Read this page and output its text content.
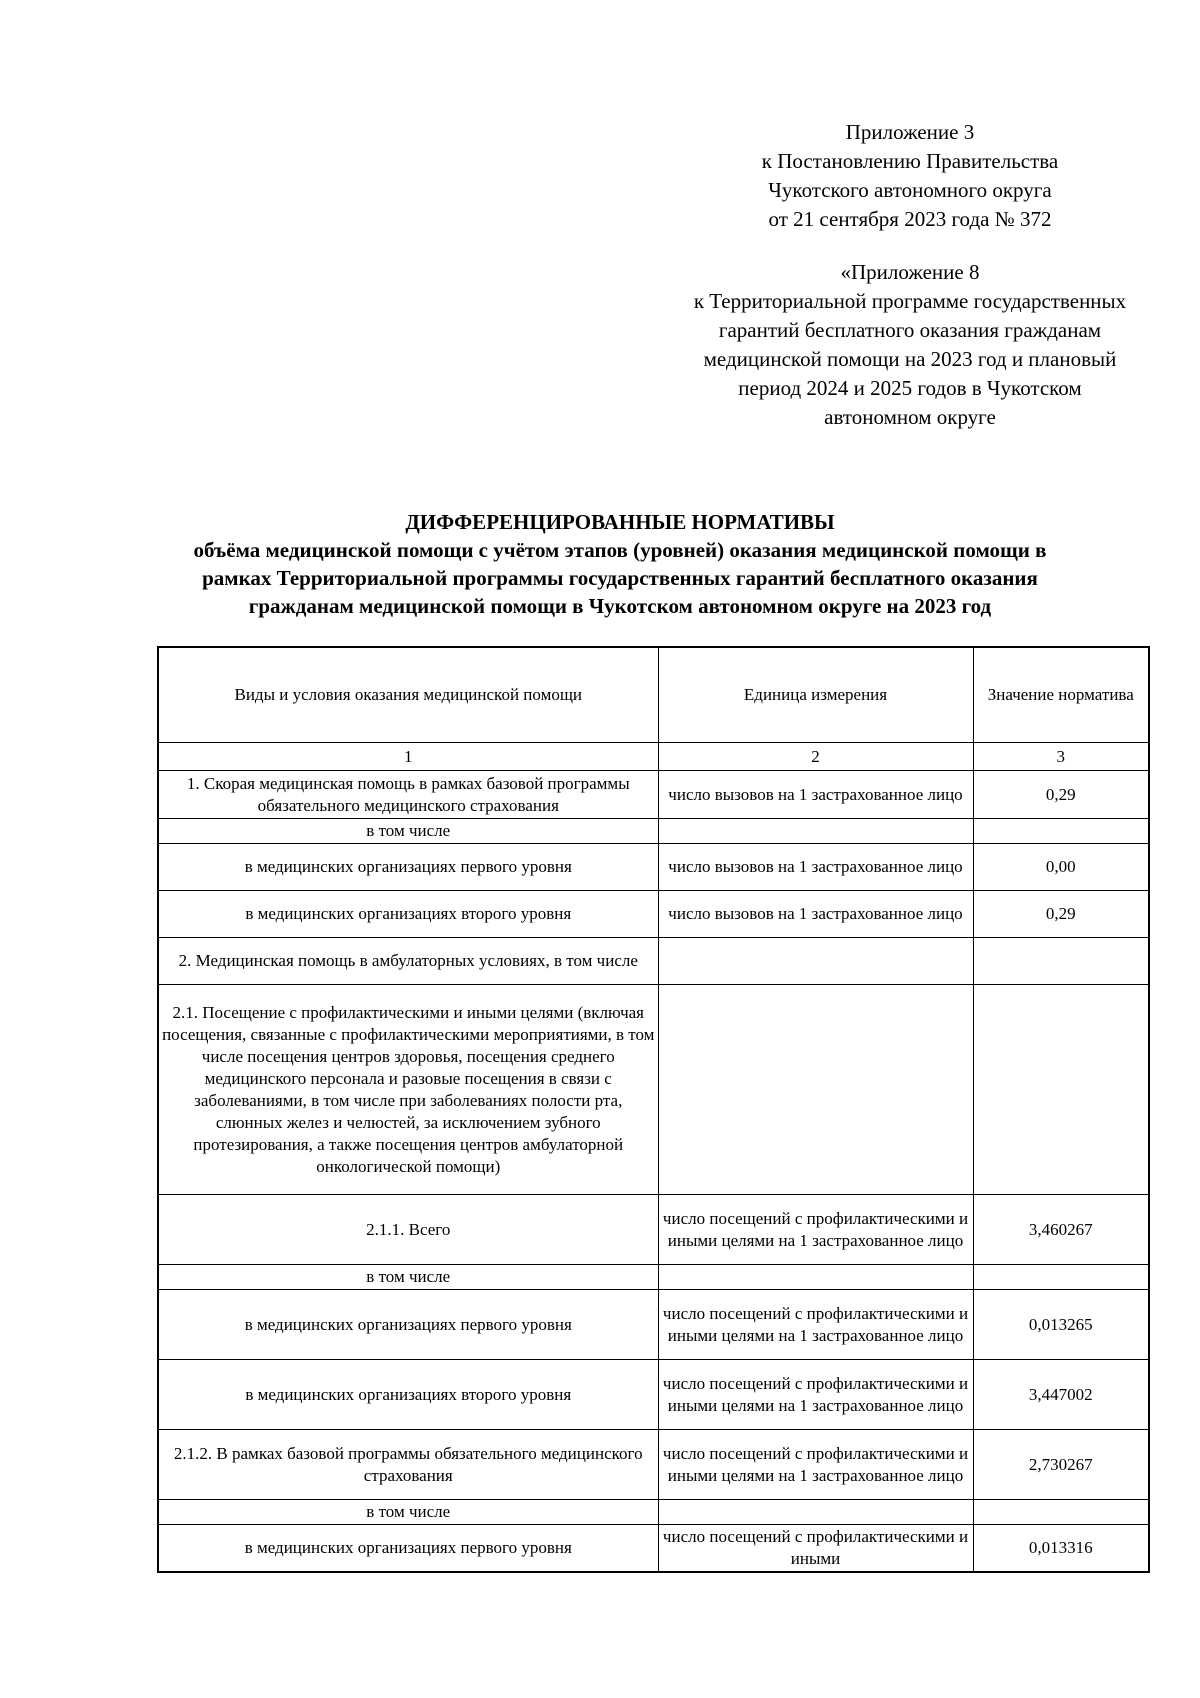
Приложение 3
к Постановлению Правительства
Чукотского автономного округа
от 21 сентября 2023 года № 372
«Приложение 8
к Территориальной программе государственных
гарантий бесплатного оказания гражданам
медицинской помощи на 2023 год и плановый
период 2024 и 2025 годов в Чукотском
автономном округе
ДИФФЕРЕНЦИРОВАННЫЕ НОРМАТИВЫ
объёма медицинской помощи с учётом этапов (уровней) оказания медицинской помощи в
рамках Территориальной программы государственных гарантий бесплатного оказания
гражданам медицинской помощи в Чукотском автономном округе на 2023 год
Виды и условия оказания медицинской помощи	Единица измерения	Значение норматива
1	2	3
1. Скорая медицинская помощь в рамках базовой программы обязательного медицинского страхования	число вызовов на 1 застрахованное лицо	0,29
в том числе		
в медицинских организациях первого уровня	число вызовов на 1 застрахованное лицо	0,00
в медицинских организациях второго уровня	число вызовов на 1 застрахованное лицо	0,29
2. Медицинская помощь в амбулаторных условиях, в том числе		
2.1. Посещение с профилактическими и иными целями (включая посещения, связанные с профилактическими мероприятиями, в том числе посещения центров здоровья, посещения среднего медицинского персонала и разовые посещения в связи с заболеваниями, в том числе при заболеваниях полости рта, слюнных желез и челюстей, за исключением зубного протезирования, а также посещения центров амбулаторной онкологической помощи)		
2.1.1. Всего	число посещений с профилактическими и иными целями на 1 застрахованное лицо	3,460267
в том числе		
в медицинских организациях первого уровня	число посещений с профилактическими и иными целями на 1 застрахованное лицо	0,013265
в медицинских организациях второго уровня	число посещений с профилактическими и иными целями на 1 застрахованное лицо	3,447002
2.1.2. В рамках базовой программы обязательного медицинского страхования	число посещений с профилактическими и иными целями на 1 застрахованное лицо	2,730267
в том числе		
в медицинских организациях первого уровня	число посещений с профилактическими и иными	0,013316
